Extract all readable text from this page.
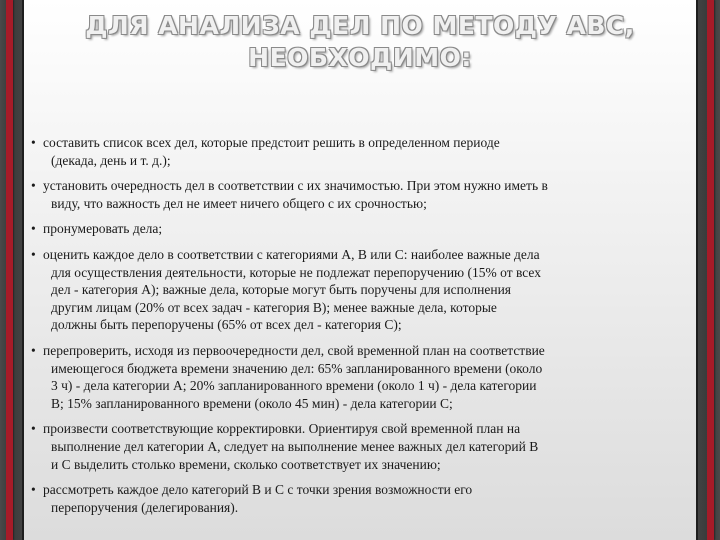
ДЛЯ АНАЛИЗА ДЕЛ ПО МЕТОДУ АВС,
НЕОБХОДИМО:
• составить список всех дел, которые предстоит решить в определенном периоде
(декада, день и т. д.);
• установить очередность дел в соответствии с их значимостью. При этом нужно иметь в
виду, что важность дел не имеет ничего общего с их срочностью;
• пронумеровать дела;
• оценить каждое дело в соответствии с категориями А, В или С: наиболее важные дела
для осуществления деятельности, которые не подлежат перепоручению (15% от всех
дел - категория А); важные дела, которые могут быть поручены для исполнения
другим лицам (20% от всех задач - категория В); менее важные дела, которые
должны быть перепоручены (65% от всех дел - категория С);
• перепроверить, исходя из первоочередности дел, свой временной план на соответствие
имеющегося бюджета времени значению дел: 65% запланированного времени (около
3 ч) - дела категории А; 20% запланированного времени (около 1 ч) - дела категории
В; 15% запланированного времени (около 45 мин) - дела категории С;
• произвести соответствующие корректировки. Ориентируя свой временной план на
выполнение дел категории А, следует на выполнение менее важных дел категорий В
и С выделить столько времени, сколько соответствует их значению;
• рассмотреть каждое дело категорий В и С с точки зрения возможности его
перепоручения (делегирования).
